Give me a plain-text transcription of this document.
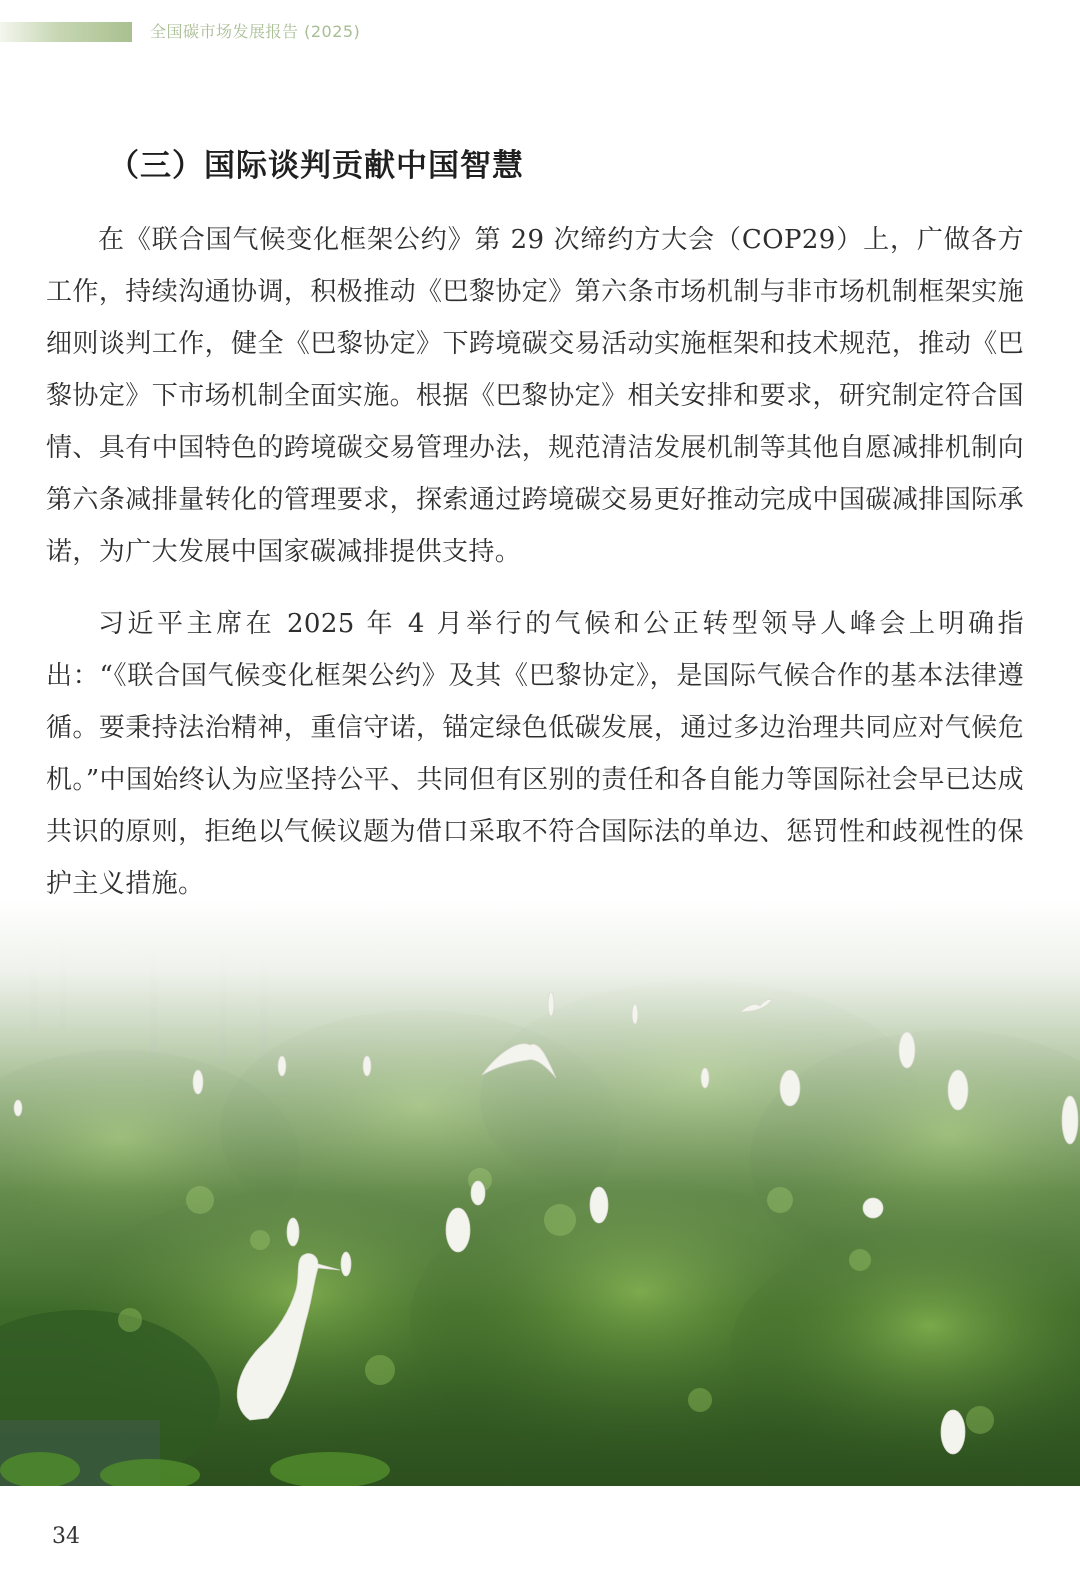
全国碳市场发展报告 (2025)
（三）国际谈判贡献中国智慧

在《联合国气候变化框架公约》第 29 次缔约方大会（COP29）上，广做各方工作，持续沟通协调，积极推动《巴黎协定》第六条市场机制与非市场机制框架实施细则谈判工作，健全《巴黎协定》下跨境碳交易活动实施框架和技术规范，推动《巴黎协定》下市场机制全面实施。根据《巴黎协定》相关安排和要求，研究制定符合国情、具有中国特色的跨境碳交易管理办法，规范清洁发展机制等其他自愿减排机制向第六条减排量转化的管理要求，探索通过跨境碳交易更好推动完成中国碳减排国际承诺，为广大发展中国家碳减排提供支持。

习近平主席在 2025 年 4 月举行的气候和公正转型领导人峰会上明确指出：“《联合国气候变化框架公约》及其《巴黎协定》，是国际气候合作的基本法律遵循。要秉持法治精神，重信守诺，锚定绿色低碳发展，通过多边治理共同应对气候危机。”中国始终认为应坚持公平、共同但有区别的责任和各自能力等国际社会早已达成共识的原则，拒绝以气候议题为借口采取不符合国际法的单边、惩罚性和歧视性的保护主义措施。

34
